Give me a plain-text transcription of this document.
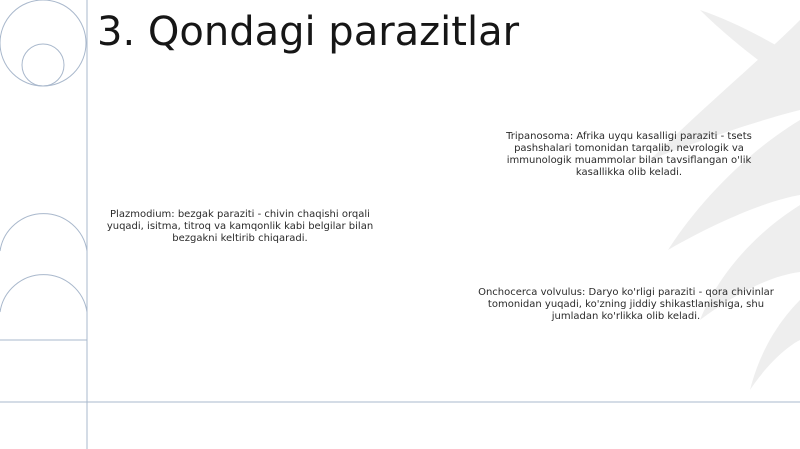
3. Qondagi parazitlar
Tripanosoma: Afrika uyqu kasalligi paraziti - tsets pashshalari tomonidan tarqalib, nevrologik va immunologik muammolar bilan tavsiflangan o'lik kasallikka olib keladi.
Plazmodium: bezgak paraziti - chivin chaqishi orqali yuqadi, isitma, titroq va kamqonlik kabi belgilar bilan bezgakni keltirib chiqaradi.
Onchocerca volvulus: Daryo ko'rligi paraziti - qora chivinlar tomonidan yuqadi, ko'zning jiddiy shikastlanishiga, shu jumladan ko'rlikka olib keladi.
